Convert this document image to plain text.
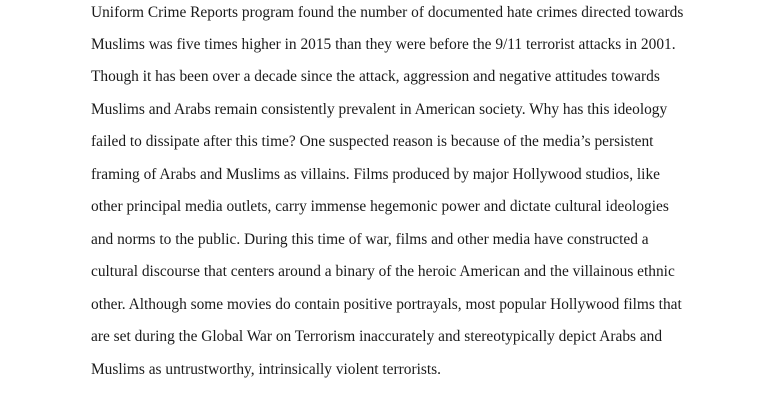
Uniform Crime Reports program found the number of documented hate crimes directed towards

Muslims was five times higher in 2015 than they were before the 9/11 terrorist attacks in 2001.

Though it has been over a decade since the attack, aggression and negative attitudes towards

Muslims and Arabs remain consistently prevalent in American society. Why has this ideology

failed to dissipate after this time? One suspected reason is because of the media’s persistent

framing of Arabs and Muslims as villains. Films produced by major Hollywood studios, like

other principal media outlets, carry immense hegemonic power and dictate cultural ideologies

and norms to the public. During this time of war, films and other media have constructed a

cultural discourse that centers around a binary of the heroic American and the villainous ethnic

other. Although some movies do contain positive portrayals, most popular Hollywood films that

are set during the Global War on Terrorism inaccurately and stereotypically depict Arabs and

Muslims as untrustworthy, intrinsically violent terrorists.
